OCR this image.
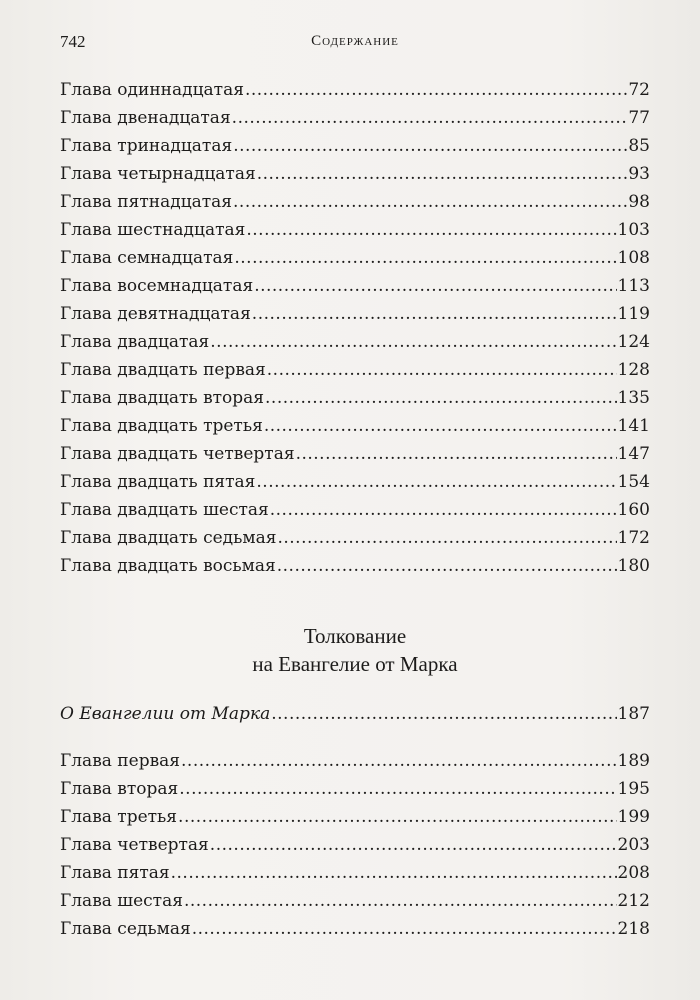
742	Содержание
Глава одиннадцатая .....	72
Глава двенадцатая .....	77
Глава тринадцатая .....	85
Глава четырнадцатая .....	93
Глава пятнадцатая .....	98
Глава шестнадцатая .....	103
Глава семнадцатая .....	108
Глава восемнадцатая .....	113
Глава девятнадцатая .....	119
Глава двадцатая .....	124
Глава двадцать первая .....	128
Глава двадцать вторая .....	135
Глава двадцать третья .....	141
Глава двадцать четвертая .....	147
Глава двадцать пятая .....	154
Глава двадцать шестая .....	160
Глава двадцать седьмая .....	172
Глава двадцать восьмая .....	180
Толкование
на Евангелие от Марка
О Евангелии от Марка .....	187
Глава первая .....	189
Глава вторая .....	195
Глава третья .....	199
Глава четвертая .....	203
Глава пятая .....	208
Глава шестая .....	212
Глава седьмая .....	218
